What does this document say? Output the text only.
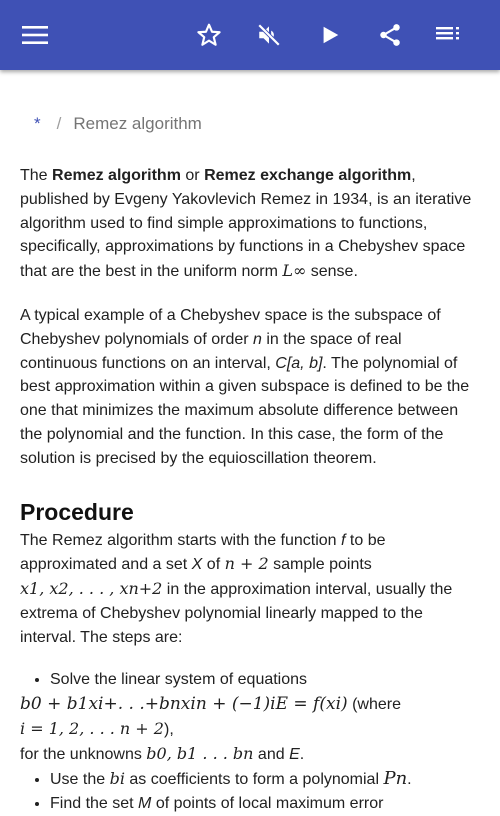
* / Remez algorithm

The Remez algorithm or Remez exchange algorithm, published by Evgeny Yakovlevich Remez in 1934, is an iterative algorithm used to find simple approximations to functions, specifically, approximations by functions in a Chebyshev space that are the best in the uniform norm L∞ sense.

A typical example of a Chebyshev space is the subspace of Chebyshev polynomials of order n in the space of real continuous functions on an interval, C[a, b]. The polynomial of best approximation within a given subspace is defined to be the one that minimizes the maximum absolute difference between the polynomial and the function. In this case, the form of the solution is precised by the equioscillation theorem.

Procedure

The Remez algorithm starts with the function f to be approximated and a set X of n + 2 sample points
x1, x2, . . . , xn+2 in the approximation interval, usually the extrema of Chebyshev polynomial linearly mapped to the interval. The steps are:

• Solve the linear system of equations
b0 + b1xi+. . .+bnxin + (−1)iE = f(xi) (where
i = 1, 2, . . . n + 2),
for the unknowns b0, b1 . . . bn and E.
• Use the bi as coefficients to form a polynomial Pn.
• Find the set M of points of local maximum error
